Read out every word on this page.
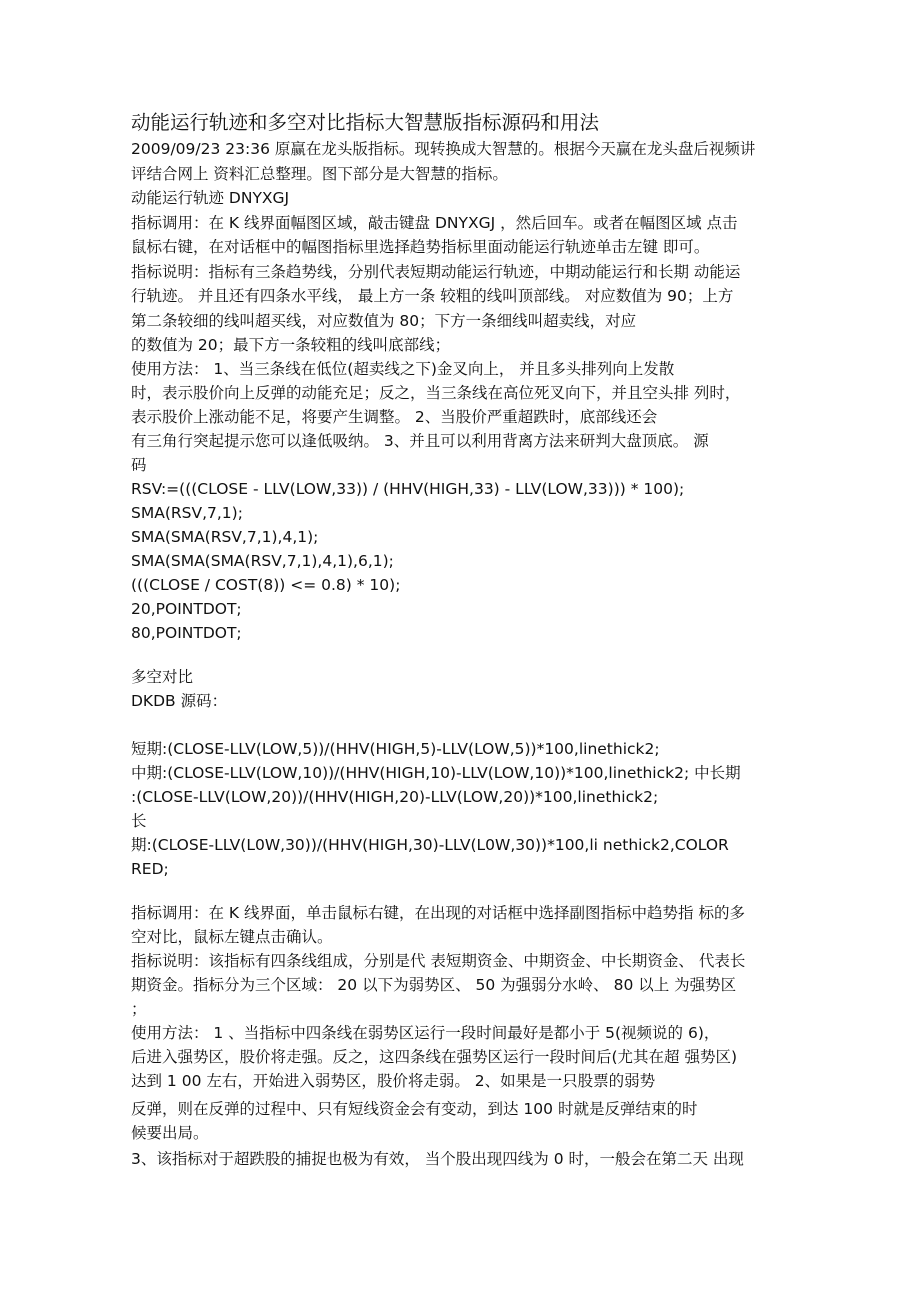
动能运行轨迹和多空对比指标大智慧版指标源码和用法
2009/09/23 23:36 原赢在龙头版指标。现转换成大智慧的。根据今天赢在龙头盘后视频讲
评结合网上 资料汇总整理。图下部分是大智慧的指标。
动能运行轨迹 DNYXGJ
指标调用：在 K 线界面幅图区域，敲击键盘 DNYXGJ ，然后回车。或者在幅图区域 点击
鼠标右键，在对话框中的幅图指标里选择趋势指标里面动能运行轨迹单击左键 即可。
指标说明：指标有三条趋势线，分别代表短期动能运行轨迹，中期动能运行和长期 动能运
行轨迹。 并且还有四条水平线， 最上方一条 较粗的线叫顶部线。 对应数值为 90；上方
第二条较细的线叫超买线，对应数值为 80；下方一条细线叫超卖线，对应
的数值为 20；最下方一条较粗的线叫底部线；
使用方法： 1、当三条线在低位(超卖线之下)金叉向上， 并且多头排列向上发散
时，表示股价向上反弹的动能充足；反之，当三条线在高位死叉向下，并且空头排 列时，
表示股价上涨动能不足，将要产生调整。 2、当股价严重超跌时，底部线还会
有三角行突起提示您可以逢低吸纳。 3、并且可以利用背离方法来研判大盘顶底。 源
码
RSV:=(((CLOSE - LLV(LOW,33)) / (HHV(HIGH,33) - LLV(LOW,33))) * 100);
SMA(RSV,7,1);
SMA(SMA(RSV,7,1),4,1);
SMA(SMA(SMA(RSV,7,1),4,1),6,1);
(((CLOSE / COST(8)) <= 0.8) * 10);
20,POINTDOT;
80,POINTDOT;
多空对比
DKDB 源码：
短期:(CLOSE-LLV(LOW,5))/(HHV(HIGH,5)-LLV(LOW,5))*100,linethick2;
中期:(CLOSE-LLV(LOW,10))/(HHV(HIGH,10)-LLV(LOW,10))*100,linethick2; 中长期
:(CLOSE-LLV(LOW,20))/(HHV(HIGH,20)-LLV(LOW,20))*100,linethick2;
长
期:(CLOSE-LLV(L0W,30))/(HHV(HIGH,30)-LLV(L0W,30))*100,li nethick2,COLOR
RED;
指标调用：在 K 线界面，单击鼠标右键，在出现的对话框中选择副图指标中趋势指 标的多
空对比，鼠标左键点击确认。
指标说明：该指标有四条线组成，分别是代 表短期资金、中期资金、中长期资金、 代表长
期资金。指标分为三个区域： 20 以下为弱势区、 50 为强弱分水岭、 80 以上 为强势区
；
使用方法： 1 、当指标中四条线在弱势区运行一段时间最好是都小于 5(视频说的 6)，
后进入强势区，股价将走强。反之，这四条线在强势区运行一段时间后(尤其在超 强势区)
达到 1 00 左右，开始进入弱势区，股价将走弱。 2、如果是一只股票的弱势
反弹，则在反弹的过程中、只有短线资金会有变动，到达 100 时就是反弹结束的时
候要出局。
3、该指标对于超跌股的捕捉也极为有效， 当个股出现四线为 0 时，一般会在第二天 出现
